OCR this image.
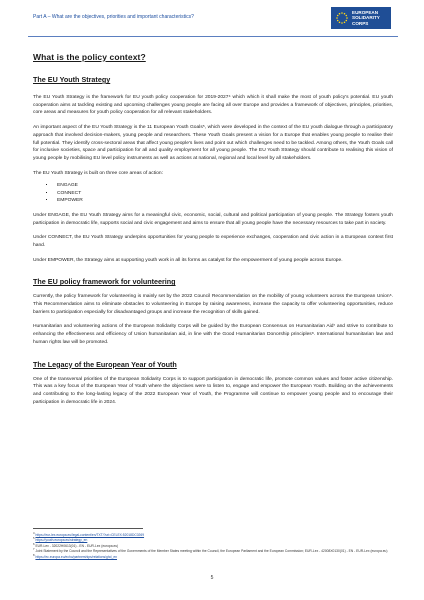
Part A – What are the objectives, priorities and important characteristics?
EUROPEAN
SOLIDARITY
CORPS
What is the policy context?
The EU Youth Strategy

The EU Youth Strategy is the framework for EU youth policy cooperation for 2019-2027⁴ which which it shall make the most of youth policy's potential. EU youth cooperation aims at tackling existing and upcoming challenges young people are facing all over Europe and provides a framework of objectives, principles, priorities, core areas and measures for youth policy cooperation for all relevant stakeholders.

An important aspect of the EU Youth Strategy is the 11 European Youth Goals⁵, which were developed in the context of the EU youth dialogue through a participatory approach that involved decision-makers, young people and researchers. These Youth Goals present a vision for a Europe that enables young people to realise their full potential. They identify cross-sectoral areas that affect young people's lives and point out which challenges need to be tackled. Among others, the Youth Goals call for inclusive societies, space and participation for all and quality employment for all young people. The EU Youth Strategy should contribute to realising this vision of young people by mobilising EU level policy instruments as well as actions at national, regional and local level by all stakeholders.

The EU Youth Strategy is built on three core areas of action:

▪ ENGAGE
▪ CONNECT
▪ EMPOWER

Under ENGAGE, the EU Youth Strategy aims for a meaningful civic, economic, social, cultural and political participation of young people. The Strategy fosters youth participation in democratic life, supports social and civic engagement and aims to ensure that all young people have the necessary resources to take part in society.

Under CONNECT, the EU Youth Strategy underpins opportunities for young people to experience exchanges, cooperation and civic action in a European context first hand.

Under EMPOWER, the Strategy aims at supporting youth work in all its forms as catalyst for the empowerment of young people across Europe.

The EU policy framework for volunteering

Currently, the policy framework for volunteering is mainly set by the 2022 Council Recommendation on the mobility of young volunteers across the European Union⁶. This Recommendation aims to eliminate obstacles to volunteering in Europe by raising awareness, increase the capacity to offer volunteering opportunities, reduce barriers to participation especially for disadvantaged groups and increase the recognition of skills gained.

Humanitarian and volunteering actions of the European Solidarity Corps will be guided by the European Consensus on Humanitarian Aid⁷ and strive to contribute to enhancing the effectiveness and efficiency of Union humanitarian aid, in line with the Good Humanitarian Donorship principles⁸. International humanitarian law and human rights law will be promoted.

The Legacy of the European Year of Youth

One of the transversal priorities of the European Solidarity Corps is to support participation in democratic life, promote common values and foster active citizenship. This was a key focus of the European Year of Youth where the objectives were to listen to, engage and empower the European Youth. Building on the achievements and contributing to the long-lasting legacy of the 2022 European Year of Youth, the Programme will continue to empower young people and to encourage their participation in democratic life in 2024.

$^4$ https://eur-lex.europa.eu/legal-content/en/TXT/?uri=CELEX:52018DC0269
$^5$ https://youth.europa.eu/strategy_en
$^6$ EUR-Lex - 32022H0613(01) - EN - EUR-Lex (europa.eu)
$^7$ Joint Statement by the Council and the Representatives of the Governments of the Member States meeting within the Council, the European Parliament and the European Commission; EUR-Lex - 42008X0130(01) - EN - EUR-Lex (europa.eu)
$^8$ https://ec.europa.eu/echo/partnerships/relations/ghd_en
5
